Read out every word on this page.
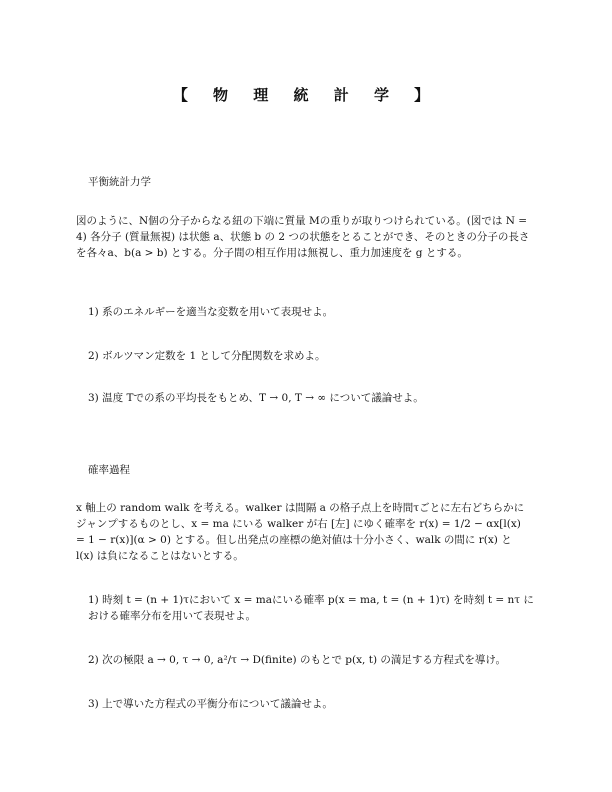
【 物 理 統 計 学 】
平衡統計力学
図のように、N個の分子からなる紐の下端に質量 Mの重りが取りつけられている。(図では N = 4) 各分子 (質量無視) は状態 a、状態 b の 2 つの状態をとることができ、そのときの分子の長さを各々a、b(a > b) とする。分子間の相互作用は無視し、重力加速度を g とする。
1) 系のエネルギーを適当な変数を用いて表現せよ。
2) ボルツマン定数を 1 として分配関数を求めよ。
3) 温度 Tでの系の平均長をもとめ、T → 0, T → ∞ について議論せよ。
確率過程
x 軸上の random walk を考える。walker は間隔 a の格子点上を時間τごとに左右どちらかにジャンプするものとし、x = ma にいる walker が右 [左] にゆく確率を r(x) = 1/2 − αx[l(x) = 1 − r(x)](α > 0) とする。但し出発点の座標の絶対値は十分小さく、walk の間に r(x) と l(x) は負になることはないとする。
1) 時刻 t = (n + 1)τにおいて x = maにいる確率 p(x = ma, t = (n + 1)τ) を時刻 t = nτ における確率分布を用いて表現せよ。
2) 次の極限 a → 0, τ → 0, a²/τ → D(finite) のもとで p(x, t) の満足する方程式を導け。
3) 上で導いた方程式の平衡分布について議論せよ。
